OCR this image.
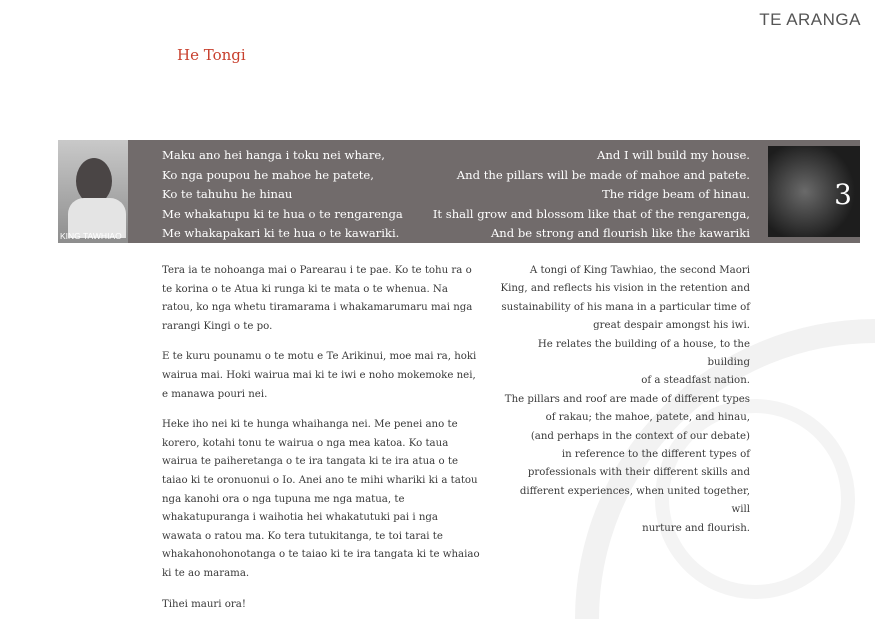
TE ARANGA
He Tongi
KING TAWHIAO
Maku ano hei hanga i toku nei whare,
Ko nga poupou he mahoe he patete,
Ko te tahuhu he hinau
Me whakatupu ki te hua o te rengarenga
Me whakapakari ki te hua o te kawariki.
And I will build my house.
And the pillars will be made of mahoe and patete.
The ridge beam of hinau.
It shall grow and blossom like that of the rengarenga,
And be strong and flourish like the kawariki
3

Tera ia te nohoanga mai o Parearau i te pae. Ko te tohu ra o te korina o te Atua ki runga ki te mata o te whenua. Na ratou, ko nga whetu tiramarama i whakamarumaru mai nga rarangi Kingi o te po.

E te kuru pounamu o te motu e Te Arikinui, moe mai ra, hoki wairua mai. Hoki wairua mai ki te iwi e noho mokemoke nei, e manawa pouri nei.

Heke iho nei ki te hunga whaihanga nei. Me penei ano te korero, kotahi tonu te wairua o nga mea katoa. Ko taua wairua te paiheretanga o te ira tangata ki te ira atua o te taiao ki te oronuonui o Io. Anei ano te mihi whariki ki a tatou nga kanohi ora o nga tupuna me nga matua, te whakatupuranga i waihotia hei whakatutuki pai i nga wawata o ratou ma. Ko tera tutukitanga, te toi tarai te whakahonohonotanga o te taiao ki te ira tangata ki te whaiao ki te ao marama.

Tihei mauri ora!

A tongi of King Tawhiao, the second Maori
King, and reflects his vision in the retention and
sustainability of his mana in a particular time of
great despair amongst his iwi.
He relates the building of a house, to the building
of a steadfast nation.
The pillars and roof are made of different types
of rakau; the mahoe, patete, and hinau,
(and perhaps in the context of our debate)
in reference to the different types of
professionals with their different skills and
different experiences, when united together, will
nurture and flourish.
